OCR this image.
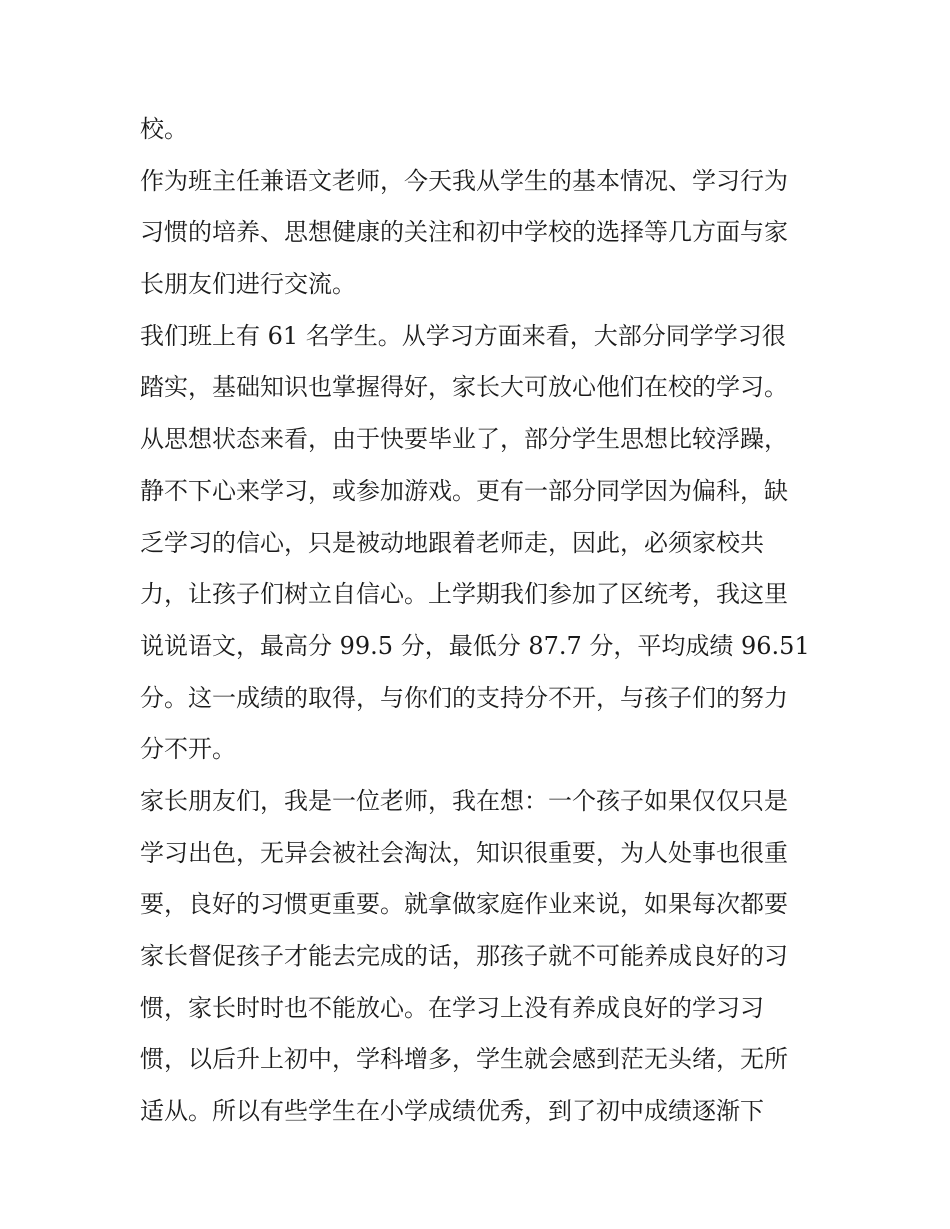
校。

作为班主任兼语文老师，今天我从学生的基本情况、学习行为
习惯的培养、思想健康的关注和初中学校的选择等几方面与家
长朋友们进行交流。

我们班上有 61 名学生。从学习方面来看，大部分同学学习很
踏实，基础知识也掌握得好，家长大可放心他们在校的学习。
从思想状态来看，由于快要毕业了，部分学生思想比较浮躁，
静不下心来学习，或参加游戏。更有一部分同学因为偏科，缺
乏学习的信心，只是被动地跟着老师走，因此，必须家校共
力，让孩子们树立自信心。上学期我们参加了区统考，我这里
说说语文，最高分 99.5 分，最低分 87.7 分，平均成绩 96.51
分。这一成绩的取得，与你们的支持分不开，与孩子们的努力
分不开。

家长朋友们，我是一位老师，我在想：一个孩子如果仅仅只是
学习出色，无异会被社会淘汰，知识很重要，为人处事也很重
要，良好的习惯更重要。就拿做家庭作业来说，如果每次都要
家长督促孩子才能去完成的话，那孩子就不可能养成良好的习
惯，家长时时也不能放心。在学习上没有养成良好的学习习
惯，以后升上初中，学科增多，学生就会感到茫无头绪，无所
适从。所以有些学生在小学成绩优秀，到了初中成绩逐渐下
